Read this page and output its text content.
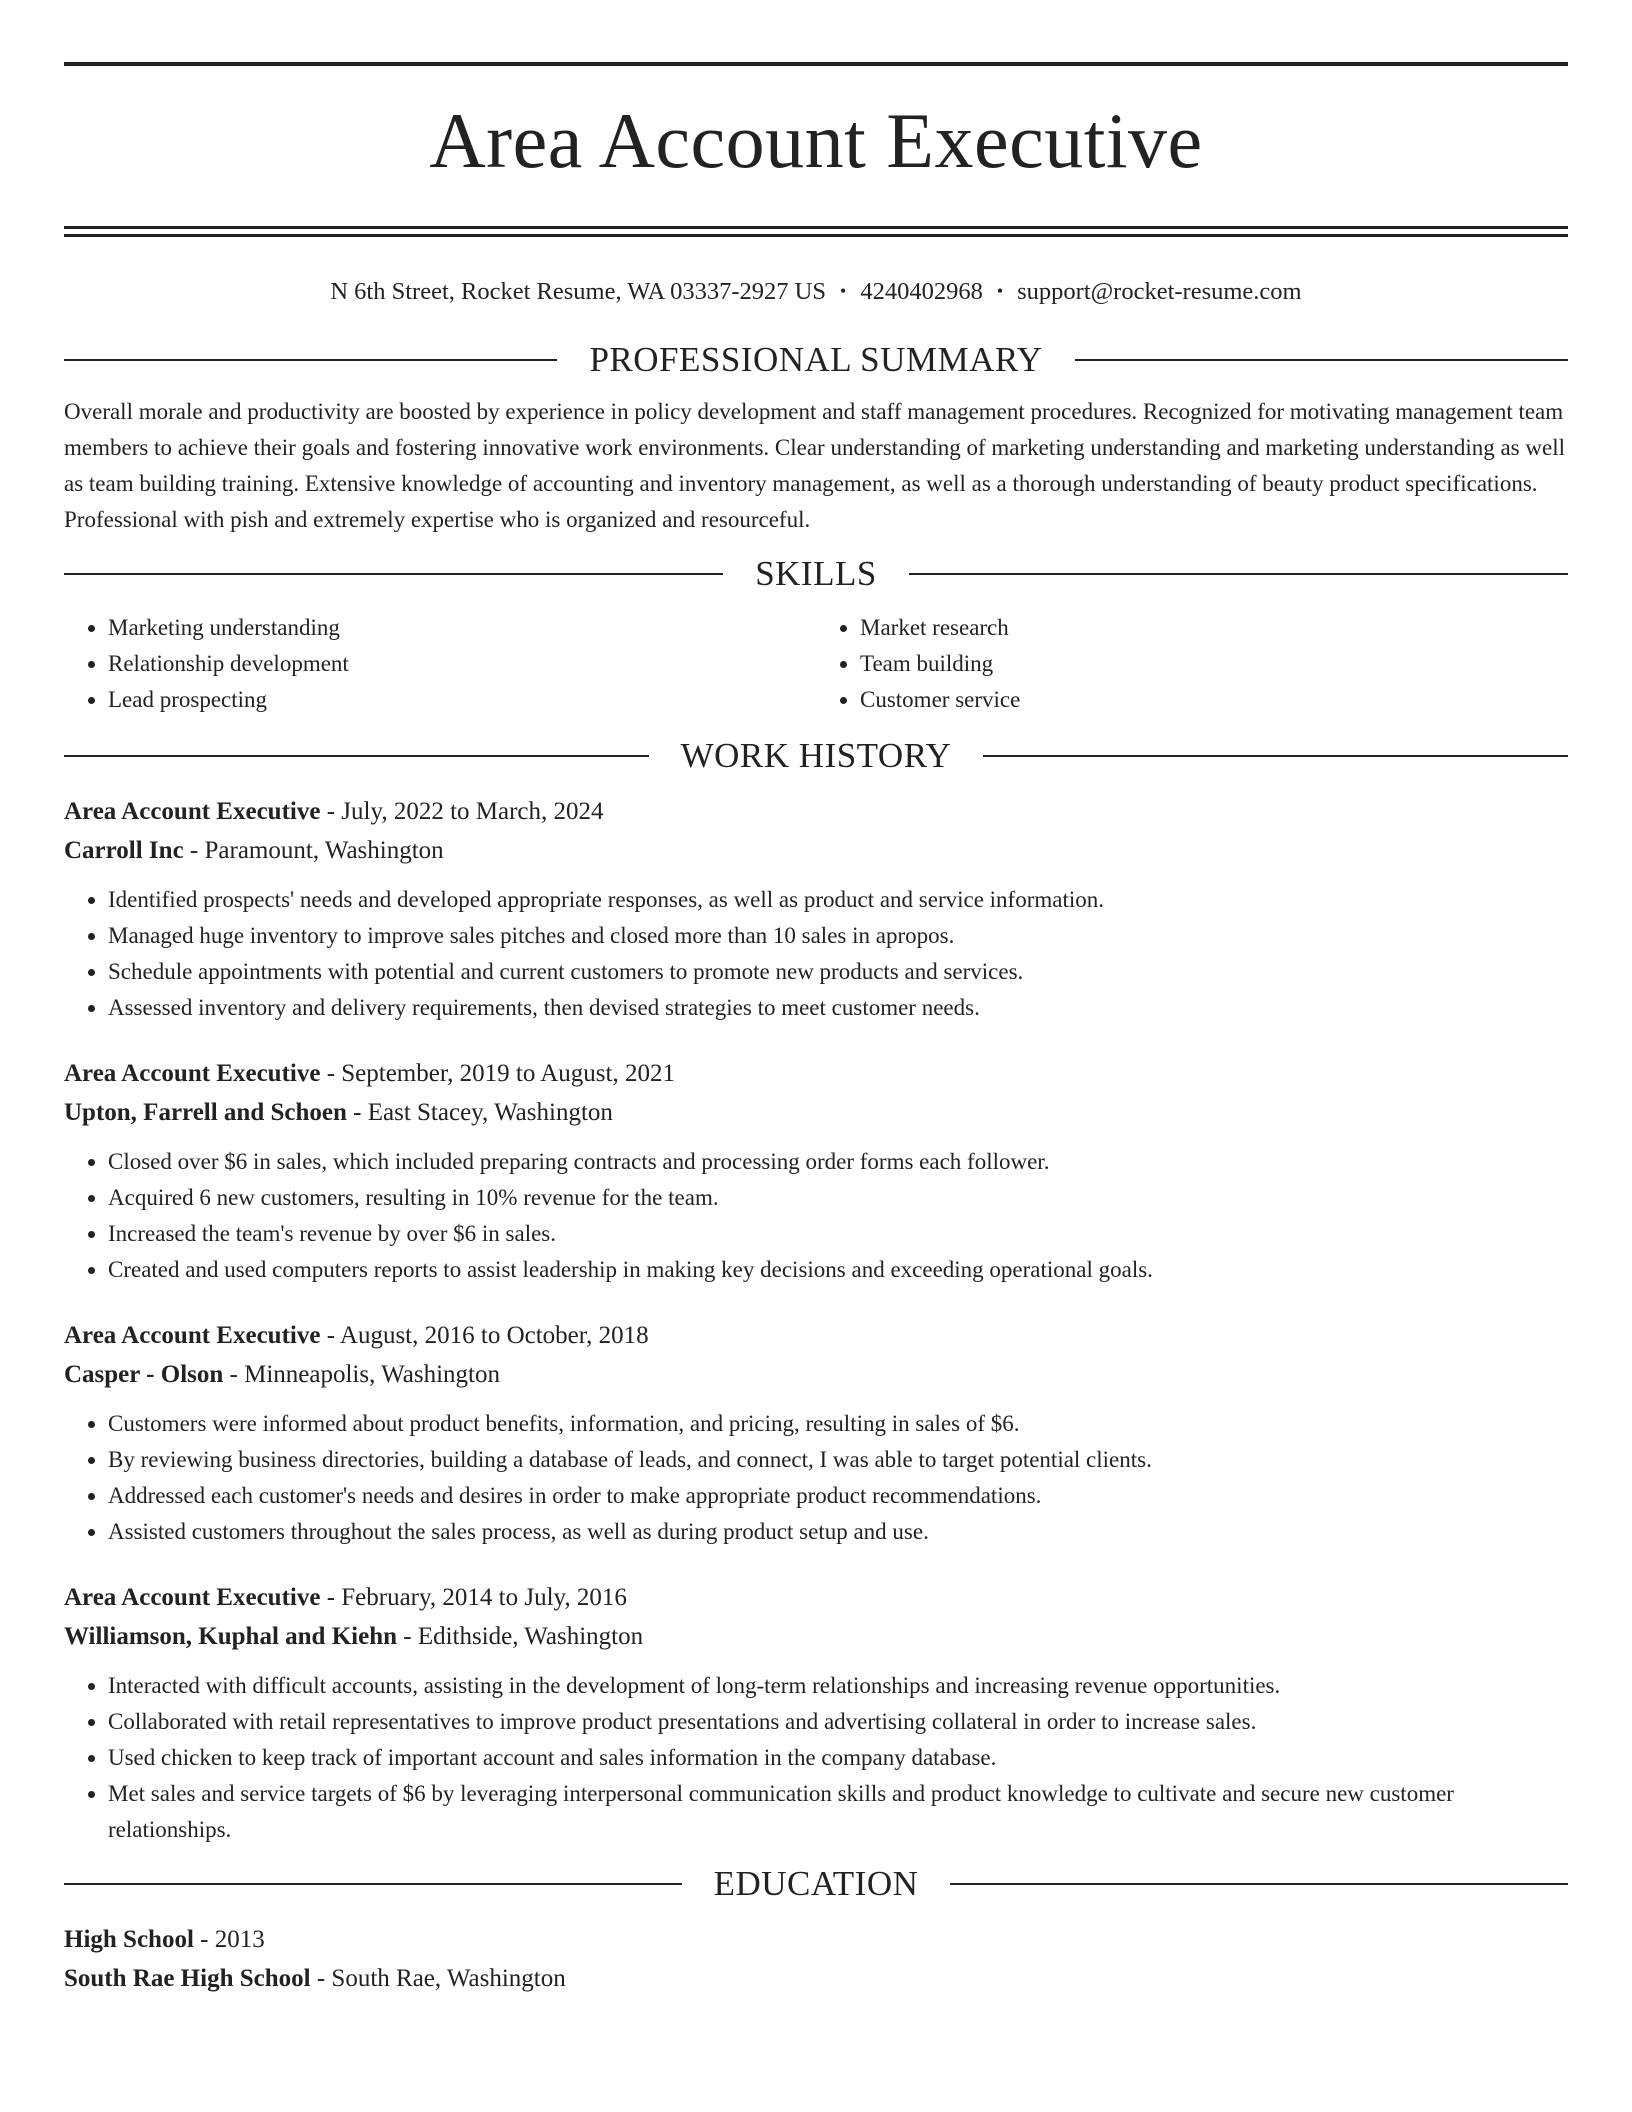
Area Account Executive
N 6th Street, Rocket Resume, WA 03337-2927 US • 4240402968 • support@rocket-resume.com
PROFESSIONAL SUMMARY

Overall morale and productivity are boosted by experience in policy development and staff management procedures. Recognized for motivating management team members to achieve their goals and fostering innovative work environments. Clear understanding of marketing understanding and marketing understanding as well as team building training. Extensive knowledge of accounting and inventory management, as well as a thorough understanding of beauty product specifications. Professional with pish and extremely expertise who is organized and resourceful.

SKILLS
• Marketing understanding
• Relationship development
• Lead prospecting
• Market research
• Team building
• Customer service
WORK HISTORY
Area Account Executive - July, 2022 to March, 2024
Carroll Inc - Paramount, Washington
• Identified prospects' needs and developed appropriate responses, as well as product and service information.
• Managed huge inventory to improve sales pitches and closed more than 10 sales in apropos.
• Schedule appointments with potential and current customers to promote new products and services.
• Assessed inventory and delivery requirements, then devised strategies to meet customer needs.
Area Account Executive - September, 2019 to August, 2021
Upton, Farrell and Schoen - East Stacey, Washington
• Closed over $6 in sales, which included preparing contracts and processing order forms each follower.
• Acquired 6 new customers, resulting in 10% revenue for the team.
• Increased the team's revenue by over $6 in sales.
• Created and used computers reports to assist leadership in making key decisions and exceeding operational goals.
Area Account Executive - August, 2016 to October, 2018
Casper - Olson - Minneapolis, Washington
• Customers were informed about product benefits, information, and pricing, resulting in sales of $6.
• By reviewing business directories, building a database of leads, and connect, I was able to target potential clients.
• Addressed each customer's needs and desires in order to make appropriate product recommendations.
• Assisted customers throughout the sales process, as well as during product setup and use.
Area Account Executive - February, 2014 to July, 2016
Williamson, Kuphal and Kiehn - Edithside, Washington
• Interacted with difficult accounts, assisting in the development of long-term relationships and increasing revenue opportunities.
• Collaborated with retail representatives to improve product presentations and advertising collateral in order to increase sales.
• Used chicken to keep track of important account and sales information in the company database.
• Met sales and service targets of $6 by leveraging interpersonal communication skills and product knowledge to cultivate and secure new customer relationships.
EDUCATION
High School - 2013
South Rae High School - South Rae, Washington
